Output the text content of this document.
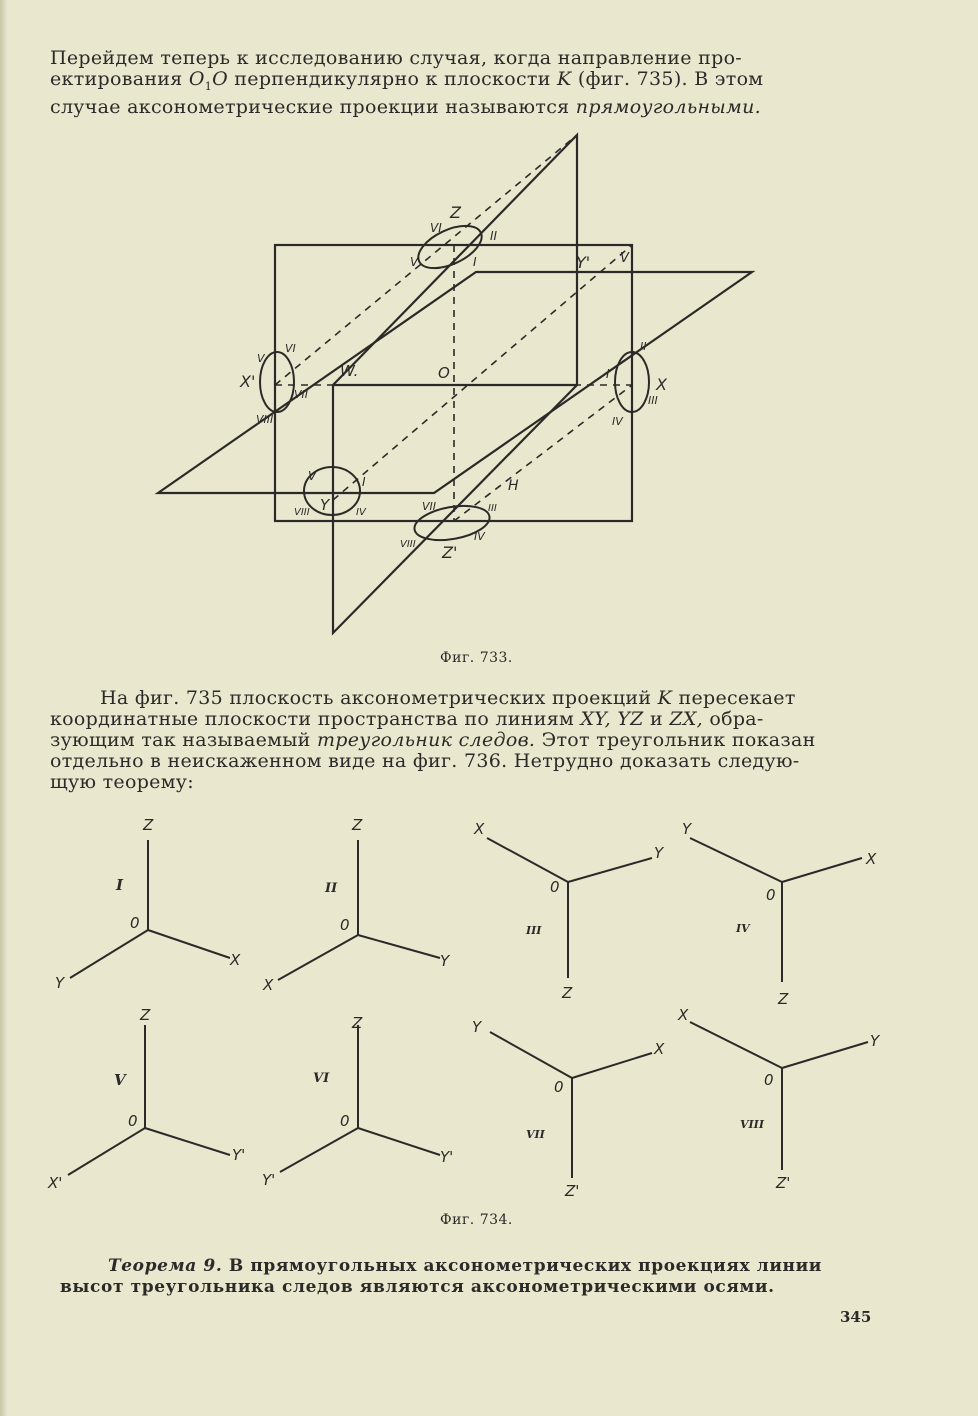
Перейдем теперь к исследованию случая, когда направление про-
ектирования $O_1O$ перпендикулярно к плоскости K (фиг. 735). В этом
случае аксонометрические проекции называются прямоугольными.

Z
VI
II
V	I	Y' V
W.	O
X'	X
V
VI
VII
VIII
II
I
III
IV
H
V	I
Y
VIII	IV	VII	III
VIII
IV
Z'
Фиг. 733.

На фиг. 735 плоскость аксонометрических проекций K пересекает
координатные плоскости пространства по линиям XY, YZ и ZX, обра-
зующим так называемый треугольник следов. Этот треугольник показан
отдельно в неискаженном виде на фиг. 736. Нетрудно доказать следую-
щую теорему:

Z
Y
X
0
I
Z
X
Y
0
II
X
Y
Z
0
III
Y
X
Z
0
IV
Z
X'
Y'
0
V
Z
Y'
Y'
0
VI
Y
X
Z'
0
VII
X
Y
Z'
0
VIII
Фиг. 734.

Теорема 9. В прямоугольных аксонометрических проекциях линии
высот треугольника следов являются аксонометрическими осями.

345
